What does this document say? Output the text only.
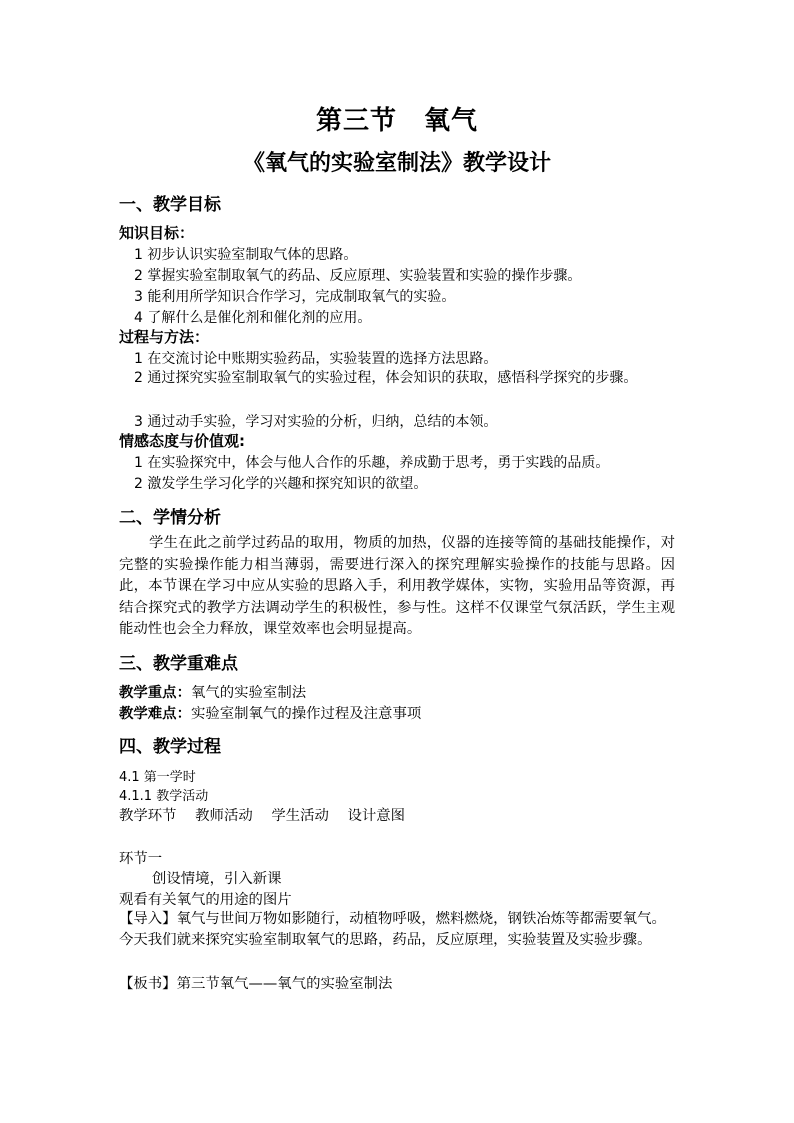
第三节　氧气
《氧气的实验室制法》教学设计
一、教学目标
知识目标：
1 初步认识实验室制取气体的思路。
2 掌握实验室制取氧气的药品、反应原理、实验装置和实验的操作步骤。
3 能利用所学知识合作学习，完成制取氧气的实验。
4 了解什么是催化剂和催化剂的应用。
过程与方法：
1 在交流讨论中账期实验药品，实验装置的选择方法思路。

2 通过探究实验室制取氧气的实验过程，体会知识的获取，感悟科学探究的步骤。

3 通过动手实验，学习对实验的分析，归纳，总结的本领。
情感态度与价值观:
1 在实验探究中，体会与他人合作的乐趣，养成勤于思考，勇于实践的品质。
2 激发学生学习化学的兴趣和探究知识的欲望。
二、学情分析

学生在此之前学过药品的取用，物质的加热，仪器的连接等简的基础技能操作，对完整的实验操作能力相当薄弱，需要进行深入的探究理解实验操作的技能与思路。因此，本节课在学习中应从实验的思路入手，利用教学媒体，实物，实验用品等资源，再结合探究式的教学方法调动学生的积极性，参与性。这样不仅课堂气氛活跃，学生主观能动性也会全力释放，课堂效率也会明显提高。

三、教学重难点
教学重点：氧气的实验室制法
教学难点：实验室制氧气的操作过程及注意事项
四、教学过程
4.1 第一学时
4.1.1 教学活动
教学环节 教师活动 学生活动 设计意图
环节一
创设情境，引入新课
观看有关氧气的用途的图片

【导入】氧气与世间万物如影随行，动植物呼吸，燃料燃烧，钢铁冶炼等都需要氧气。今天我们就来探究实验室制取氧气的思路，药品，反应原理，实验装置及实验步骤。

【板书】第三节氧气——氧气的实验室制法
